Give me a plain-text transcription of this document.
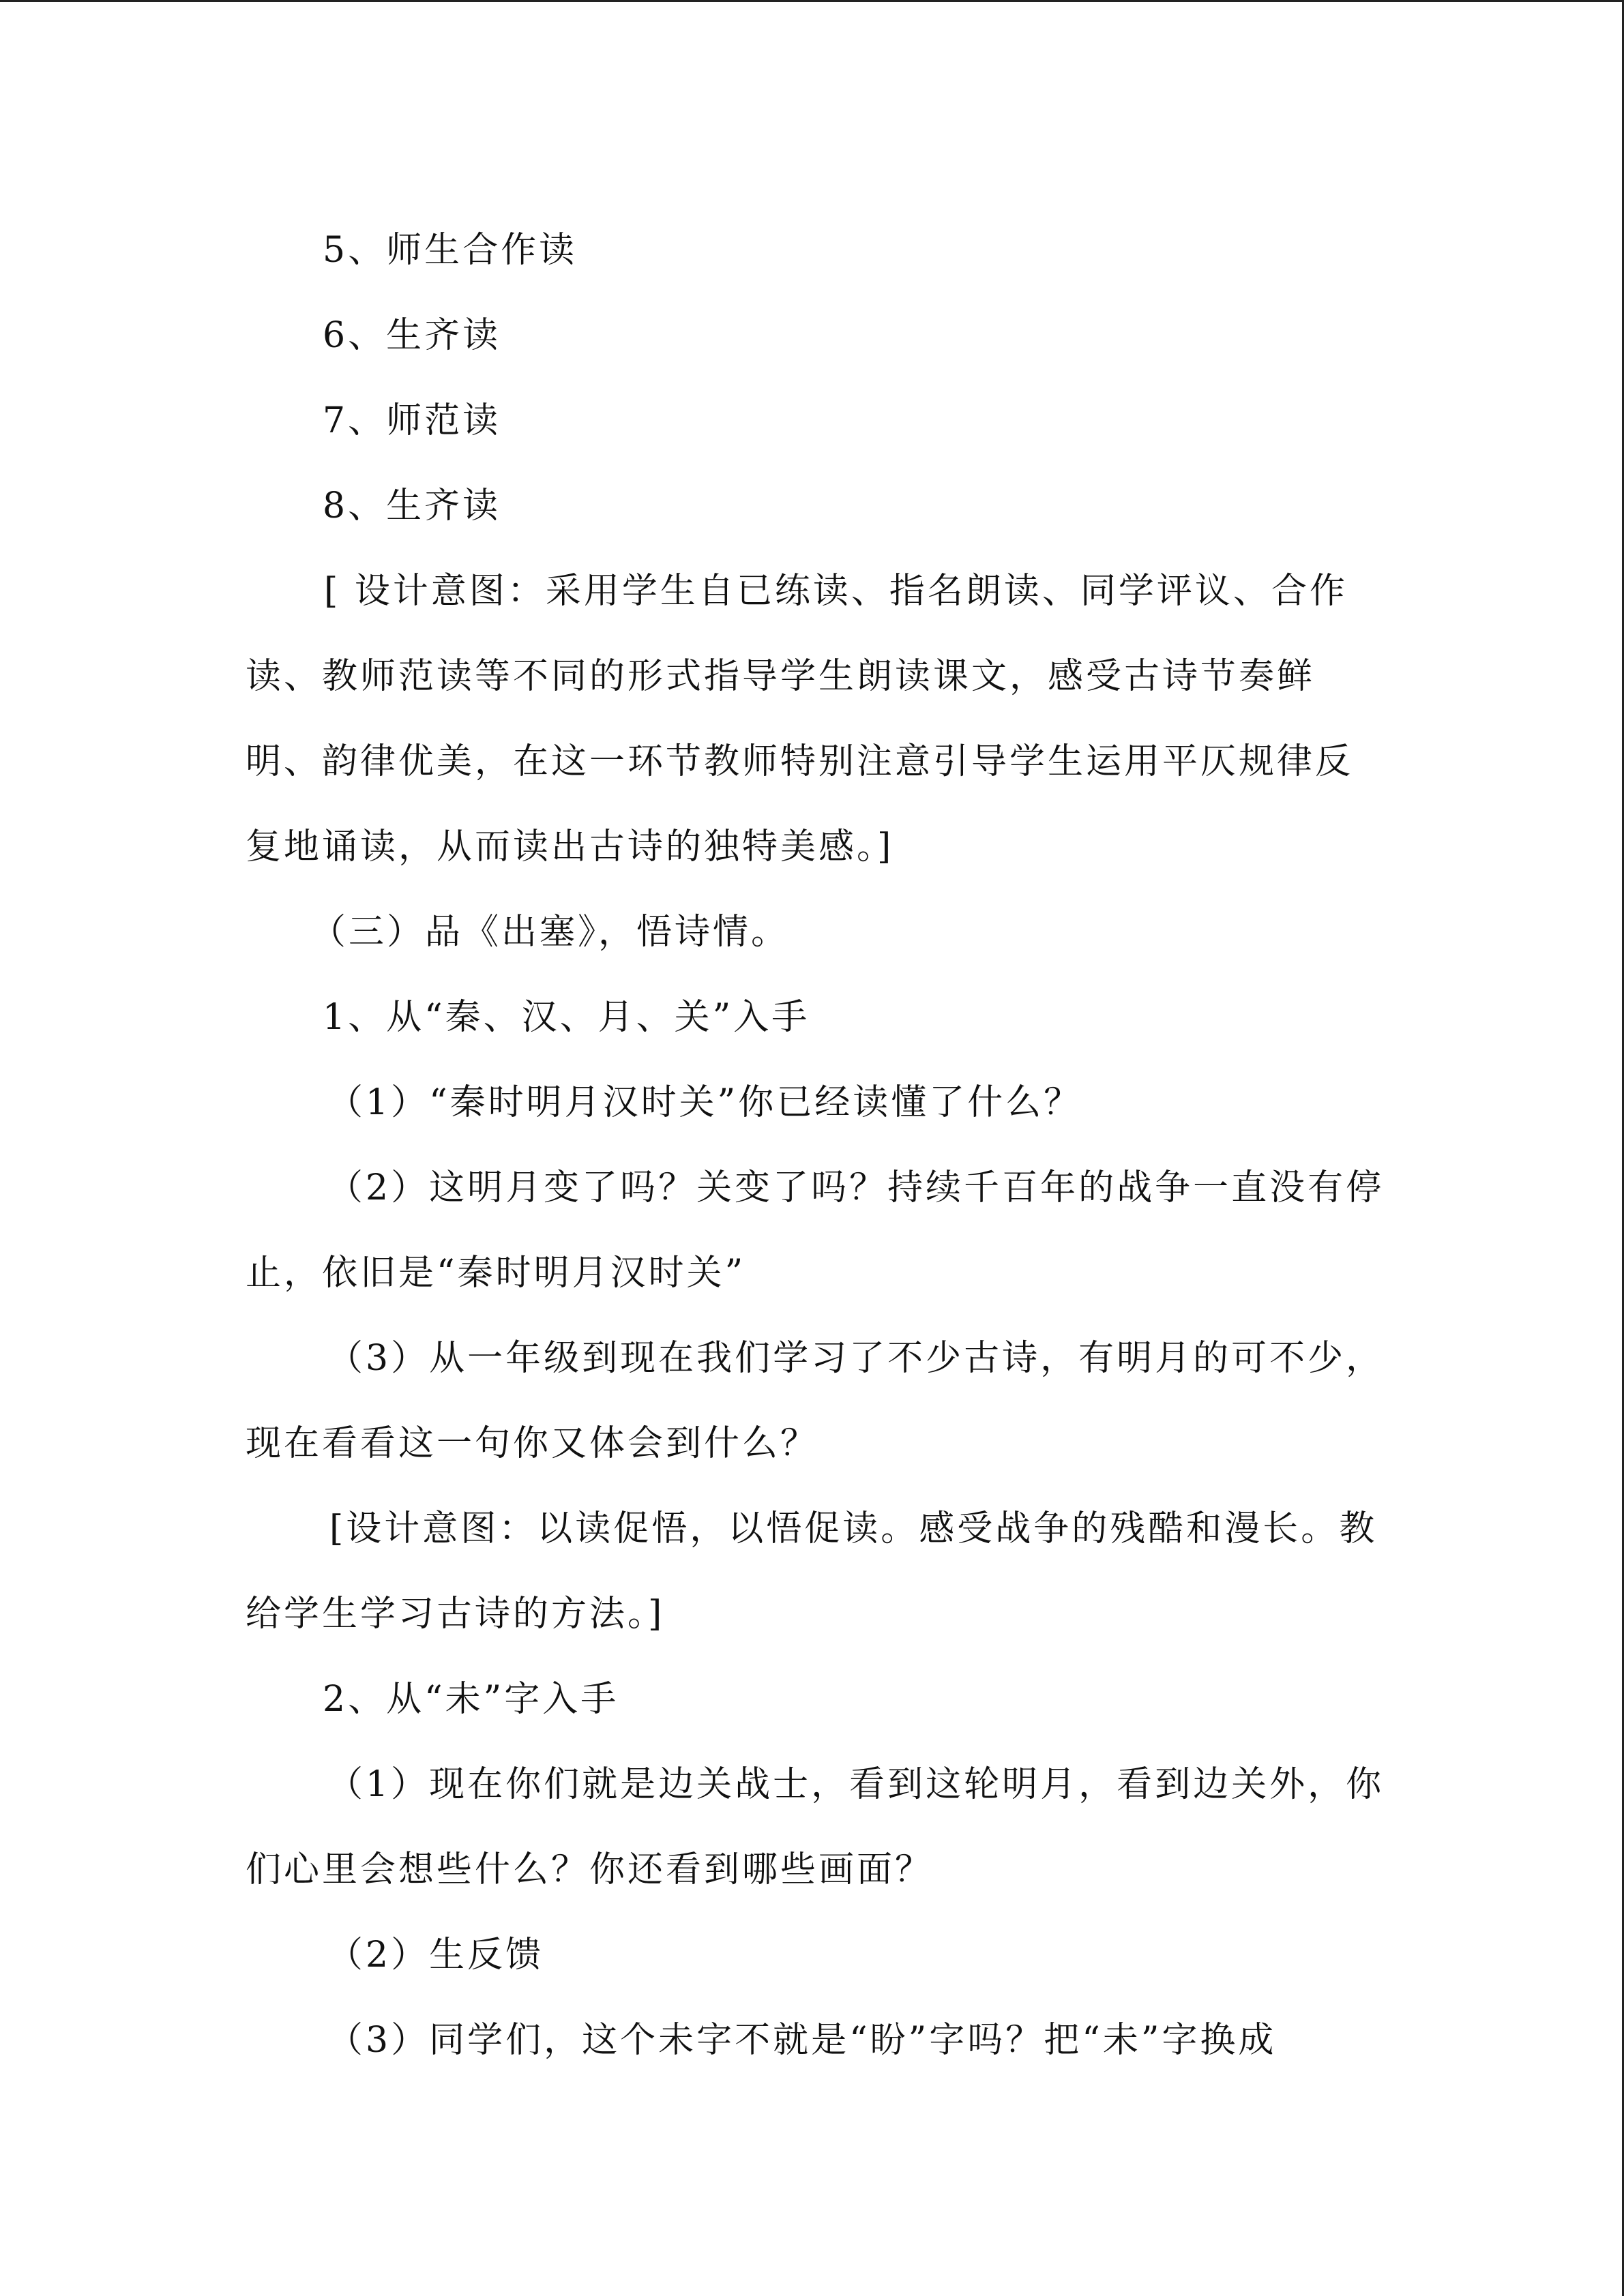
5、师生合作读
6、生齐读
7、师范读
8、生齐读
[ 设计意图：采用学生自已练读、指名朗读、同学评议、合作
读、教师范读等不同的形式指导学生朗读课文，感受古诗节奏鲜
明、韵律优美，在这一环节教师特别注意引导学生运用平仄规律反
复地诵读，从而读出古诗的独特美感。]
（三）品《出塞》，悟诗情。
1、从“秦、汉、月、关”入手
（1）“秦时明月汉时关”你已经读懂了什么？
（2）这明月变了吗？关变了吗？持续千百年的战争一直没有停
止，依旧是“秦时明月汉时关”
（3）从一年级到现在我们学习了不少古诗，有明月的可不少，
现在看看这一句你又体会到什么？
[设计意图：以读促悟，以悟促读。感受战争的残酷和漫长。教
给学生学习古诗的方法。]
2、从“未”字入手
（1）现在你们就是边关战士，看到这轮明月，看到边关外，你
们心里会想些什么？你还看到哪些画面？
（2）生反馈
（3）同学们，这个未字不就是“盼”字吗？把“未”字换成
